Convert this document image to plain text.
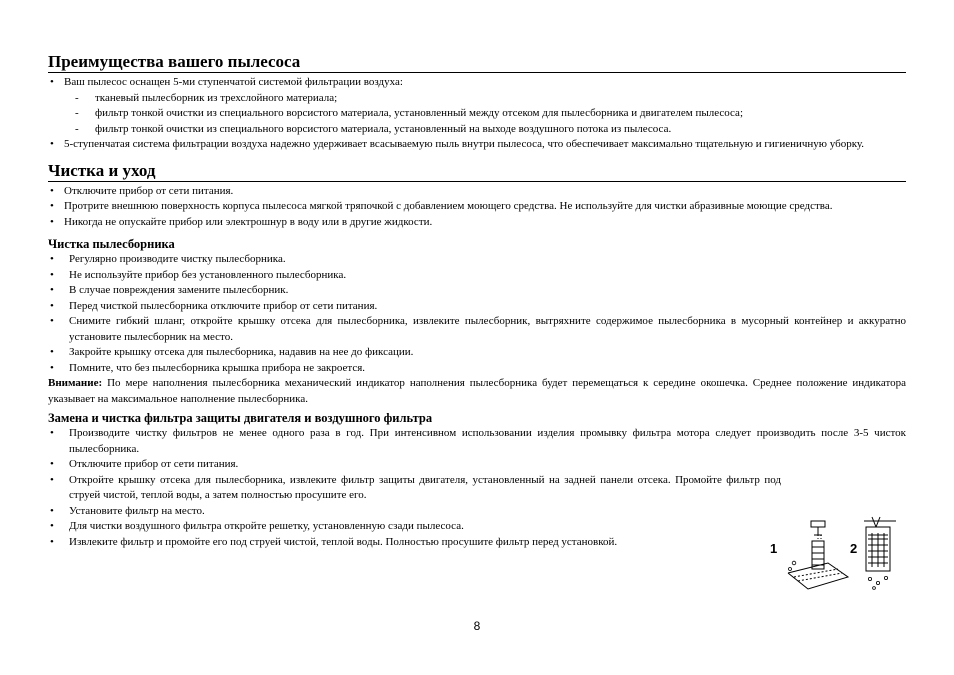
Преимущества вашего пылесоса
• Ваш пылесос оснащен 5-ми ступенчатой системой фильтрации воздуха:
- тканевый пылесборник из трехслойного материала;
- фильтр тонкой очистки из специального ворсистого материала, установленный между отсеком для пылесборника и двигателем пылесоса;
- фильтр тонкой очистки из специального ворсистого материала, установленный на выходе воздушного потока из пылесоса.
• 5-ступенчатая система фильтрации воздуха надежно удерживает всасываемую пыль внутри пылесоса, что обеспечивает максимально тщательную и гигиеничную уборку.
Чистка и уход
• Отключите прибор от сети питания.
• Протрите внешнюю поверхность корпуса пылесоса мягкой тряпочкой с добавлением моющего средства. Не используйте для чистки абразивные моющие средства.
• Никогда не опускайте прибор или электрошнур в воду или в другие жидкости.
Чистка пылесборника
• Регулярно производите чистку пылесборника.
• Не используйте прибор без установленного пылесборника.
• В случае повреждения замените пылесборник.
• Перед чисткой пылесборника отключите прибор от сети питания.
• Снимите гибкий шланг, откройте крышку отсека для пылесборника, извлеките пылесборник, вытряхните содержимое пылесборника в мусорный контейнер и аккуратно установите пылесборник на место.
• Закройте крышку отсека для пылесборника, надавив на нее до фиксации.
• Помните, что без пылесборника крышка прибора не закроется.
Внимание: По мере наполнения пылесборника механический индикатор наполнения пылесборника будет перемещаться к середине окошечка. Среднее положение индикатора указывает на максимальное наполнение пылесборника.
Замена и чистка фильтра защиты двигателя и воздушного фильтра
• Производите чистку фильтров не менее одного раза в год. При интенсивном использовании изделия промывку фильтра мотора следует производить после 3-5 чисток пылесборника.
• Отключите прибор от сети питания.
• Откройте крышку отсека для пылесборника, извлеките фильтр защиты двигателя, установленный на задней панели отсека. Промойте фильтр под струей чистой, теплой воды, а затем полностью просушите его.
• Установите фильтр на место.
• Для чистки воздушного фильтра откройте решетку, установленную сзади пылесоса.
• Извлеките фильтр и промойте его под струей чистой, теплой воды. Полностью просушите фильтр перед установкой.	1	2
8
